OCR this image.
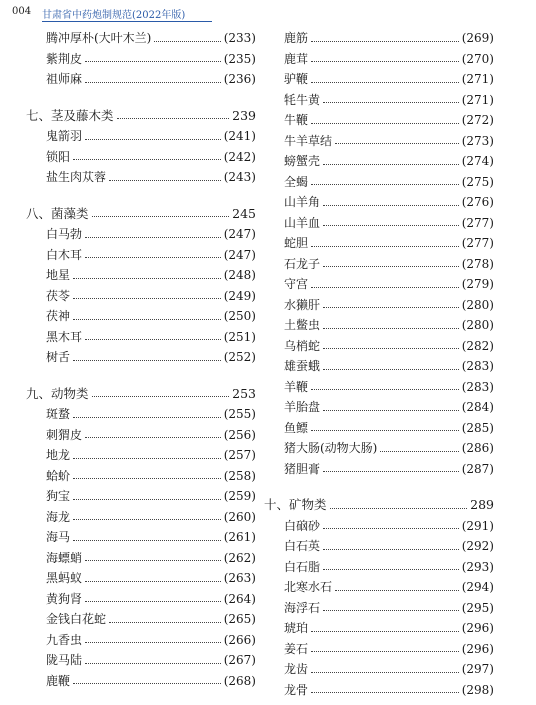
004 甘肃省中药炮制规范(2022年版)
腾冲厚朴(大叶木兰)	(233)
紫荆皮	(235)
祖师麻	(236)
七、茎及藤木类	239
鬼箭羽	(241)
锁阳	(242)
盐生肉苁蓉	(243)
八、菌藻类	245
白马勃	(247)
白木耳	(247)
地星	(248)
茯苓	(249)
茯神	(250)
黑木耳	(251)
树舌	(252)
九、动物类	253
斑蝥	(255)
刺猬皮	(256)
地龙	(257)
蛤蚧	(258)
狗宝	(259)
海龙	(260)
海马	(261)
海螵蛸	(262)
黑蚂蚁	(263)
黄狗肾	(264)
金钱白花蛇	(265)
九香虫	(266)
陇马陆	(267)
鹿鞭	(268)
鹿筋	(269)
鹿茸	(270)
驴鞭	(271)
牦牛黄	(271)
牛鞭	(272)
牛羊草结	(273)
螃蟹壳	(274)
全蝎	(275)
山羊角	(276)
山羊血	(277)
蛇胆	(277)
石龙子	(278)
守宫	(279)
水獭肝	(280)
土鳖虫	(280)
乌梢蛇	(282)
雄蚕蛾	(283)
羊鞭	(283)
羊胎盘	(284)
鱼鳔	(285)
猪大肠(动物大肠)	(286)
猪胆膏	(287)
十、矿物类	289
白硇砂	(291)
白石英	(292)
白石脂	(293)
北寒水石	(294)
海浮石	(295)
琥珀	(296)
姜石	(296)
龙齿	(297)
龙骨	(298)
